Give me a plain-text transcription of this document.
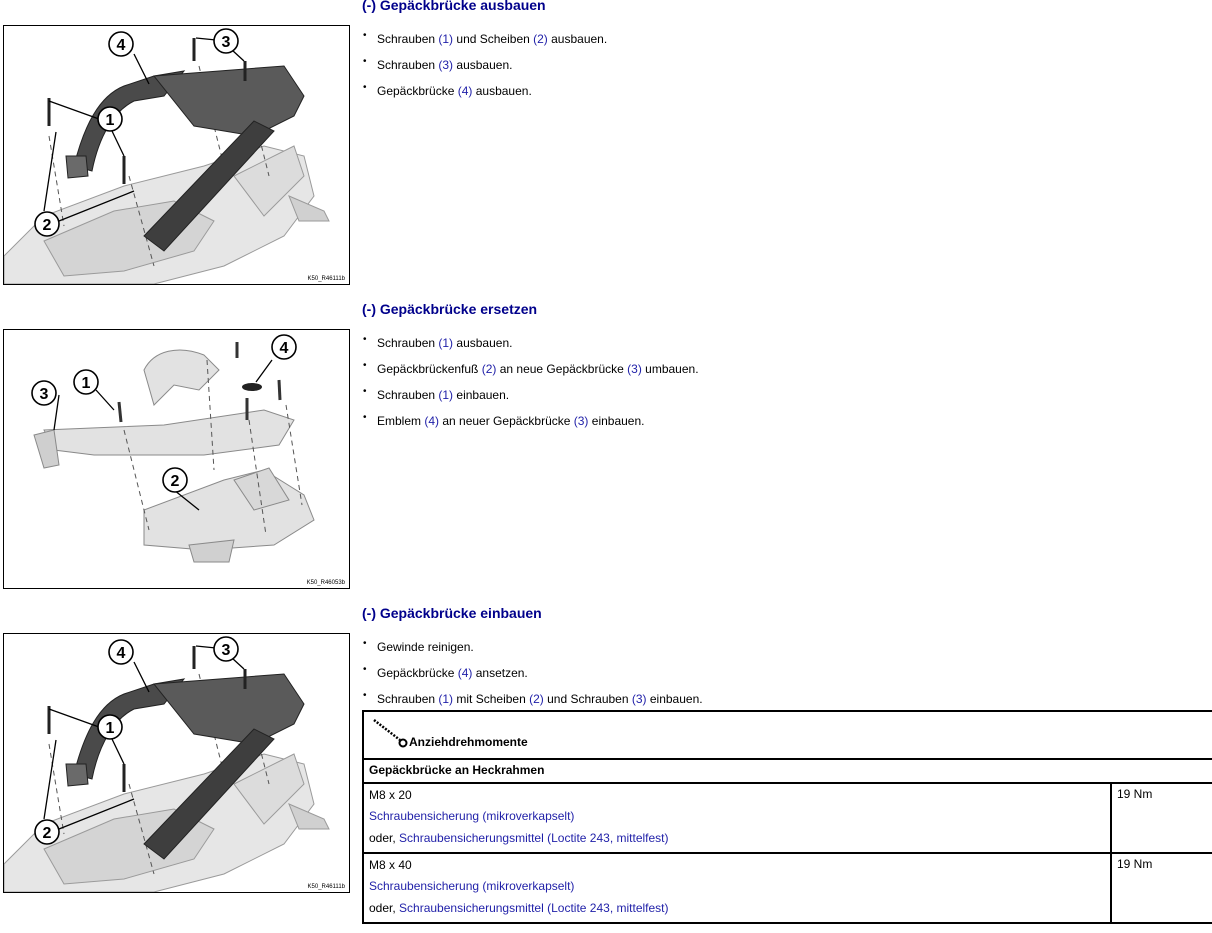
4
1
2
3
K50_R46111b
(-) Gepäckbrücke ausbauen
• Schrauben (1) und Scheiben (2) ausbauen.
• Schrauben (3) ausbauen.
• Gepäckbrücke (4) ausbauen.
3
1
2
4
K50_R46053b
(-) Gepäckbrücke ersetzen
• Schrauben (1) ausbauen.
• Gepäckbrückenfuß (2) an neue Gepäckbrücke (3) umbauen.
• Schrauben (1) einbauen.
• Emblem (4) an neuer Gepäckbrücke (3) einbauen.
4
1
2
3
K50_R46111b
(-) Gepäckbrücke einbauen
• Gewinde reinigen.
• Gepäckbrücke (4) ansetzen.
• Schrauben (1) mit Scheiben (2) und Schrauben (3) einbauen.
Anziehdrehmomente	
Gepäckbrücke an Heckrahmen	

M8 x 20
Schraubensicherung (mikroverkapselt)
oder, Schraubensicherungsmittel (Loctite 243, mittelfest)	19 Nm

M8 x 40
Schraubensicherung (mikroverkapselt)
oder, Schraubensicherungsmittel (Loctite 243, mittelfest)	19 Nm
